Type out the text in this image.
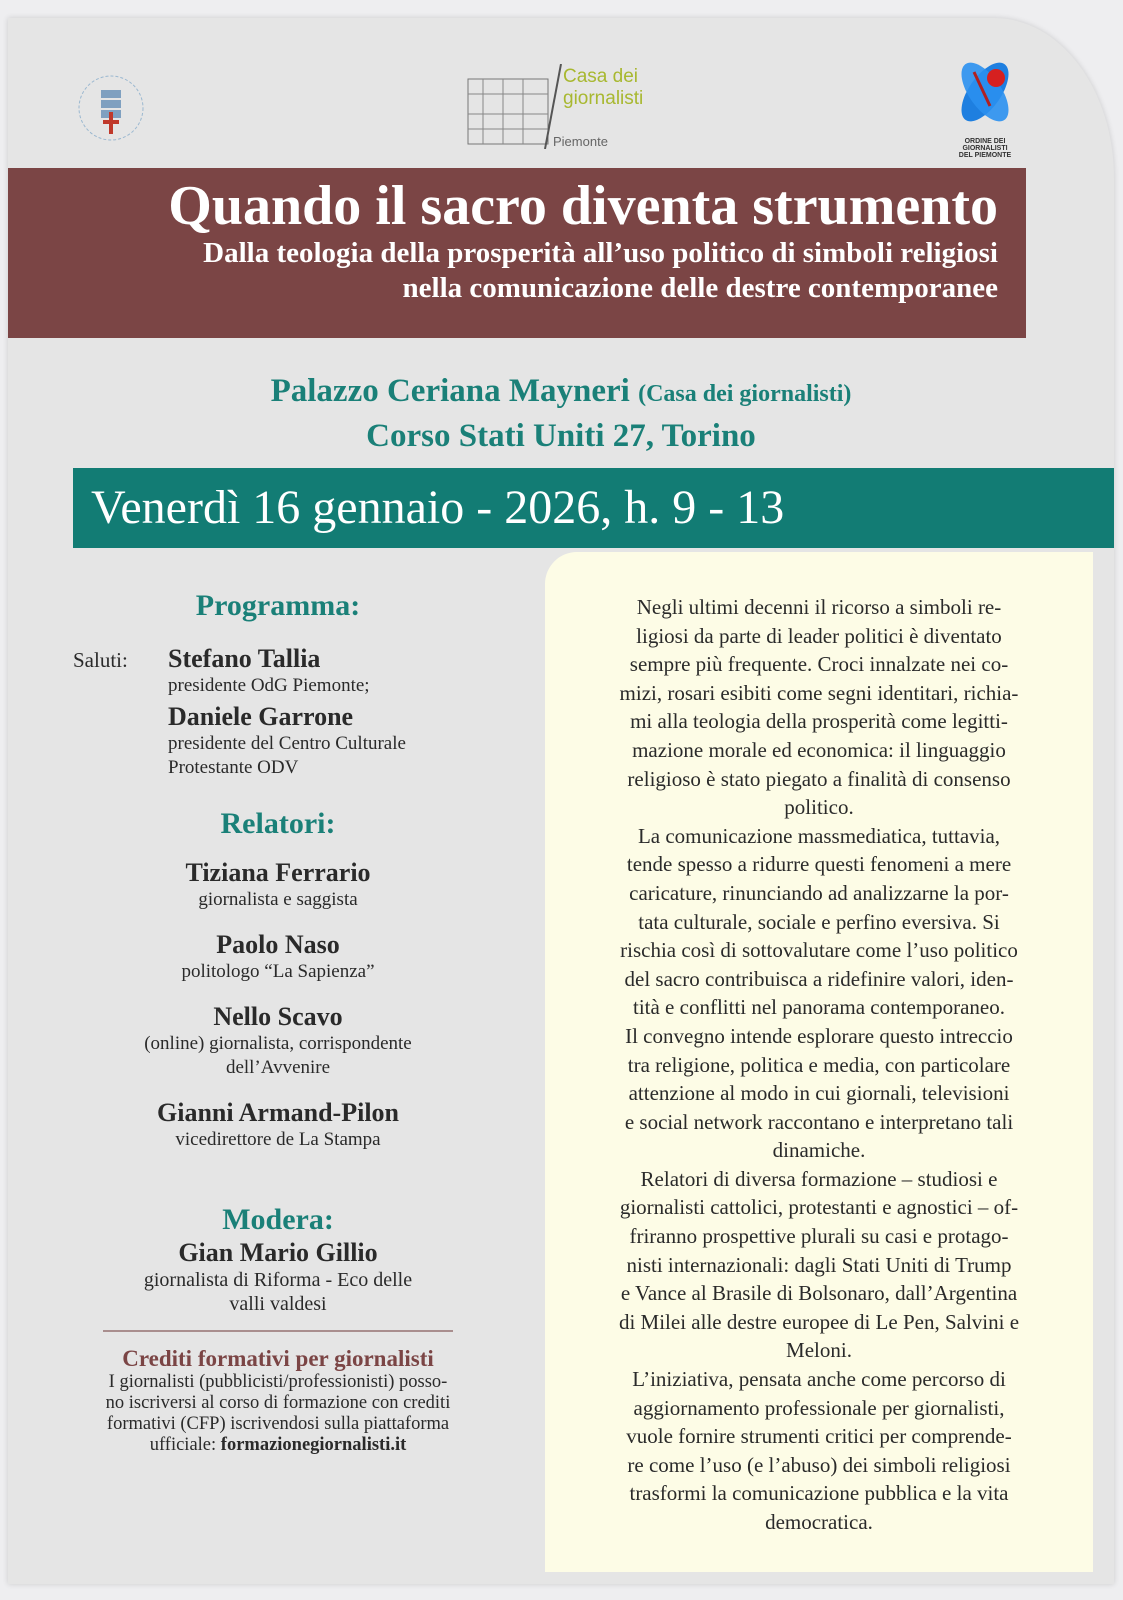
Casa dei
giornalisti
Piemonte	ORDINE DEI
GIORNALISTI
DEL PIEMONTE
Quando il sacro diventa strumento
Dalla teologia della prosperità all’uso politico di simboli religiosi
nella comunicazione delle destre contemporanee
Palazzo Ceriana Mayneri (Casa dei giornalisti)
Corso Stati Uniti 27, Torino
Venerdì 16 gennaio - 2026, h. 9 - 13
Programma:
Saluti: Stefano Tallia
presidente OdG Piemonte;
Daniele Garrone
presidente del Centro Culturale
Protestante ODV
Relatori:
Tiziana Ferrario
giornalista e saggista
Paolo Naso
politologo “La Sapienza”
Nello Scavo
(online) giornalista, corrispondente
dell’Avvenire
Gianni Armand-Pilon
vicedirettore de La Stampa
Modera:
Gian Mario Gillio
giornalista di Riforma - Eco delle
valli valdesi
Crediti formativi per giornalisti
I giornalisti (pubblicisti/professionisti) posso-
no iscriversi al corso di formazione con crediti
formativi (CFP) iscrivendosi sulla piattaforma
ufficiale: formazionegiornalisti.it
Negli ultimi decenni il ricorso a simboli re-
ligiosi da parte di leader politici è diventato
sempre più frequente. Croci innalzate nei co-
mizi, rosari esibiti come segni identitari, richia-
mi alla teologia della prosperità come legitti-
mazione morale ed economica: il linguaggio
religioso è stato piegato a finalità di consenso
politico.
La comunicazione massmediatica, tuttavia,
tende spesso a ridurre questi fenomeni a mere
caricature, rinunciando ad analizzarne la por-
tata culturale, sociale e perfino eversiva. Si
rischia così di sottovalutare come l’uso politico
del sacro contribuisca a ridefinire valori, iden-
tità e conflitti nel panorama contemporaneo.
Il convegno intende esplorare questo intreccio
tra religione, politica e media, con particolare
attenzione al modo in cui giornali, televisioni
e social network raccontano e interpretano tali
dinamiche.
Relatori di diversa formazione – studiosi e
giornalisti cattolici, protestanti e agnostici – of-
friranno prospettive plurali su casi e protago-
nisti internazionali: dagli Stati Uniti di Trump
e Vance al Brasile di Bolsonaro, dall’Argentina
di Milei alle destre europee di Le Pen, Salvini e
Meloni.
L’iniziativa, pensata anche come percorso di
aggiornamento professionale per giornalisti,
vuole fornire strumenti critici per comprende-
re come l’uso (e l’abuso) dei simboli religiosi
trasformi la comunicazione pubblica e la vita
democratica.
